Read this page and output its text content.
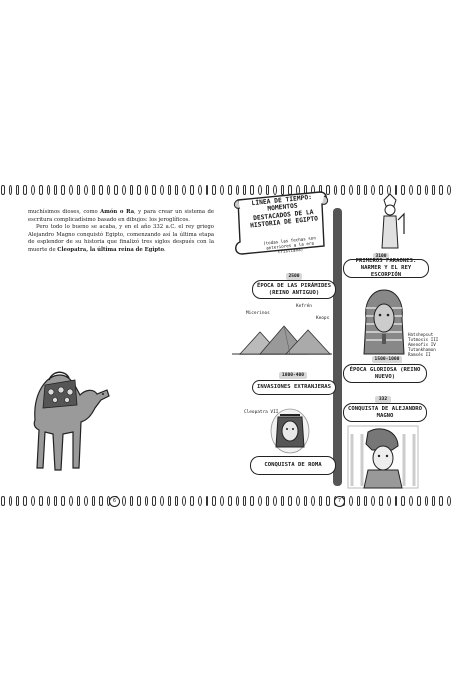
muchísimos dioses, como Amón o Ra, y para crear un sistema de escritura complicadísimo basado en dibujos: los jeroglíficos.

Pero todo lo bueno se acaba, y en el año 332 a.C. el rey griego Alejandro Magno conquistó Egipto, comenzando así la última etapa de esplendor de su historia que finalizó tres siglos después con la muerte de Cleopatra, la última reina de Egipto.

6
LÍNEA DE TIEMPO: MOMENTOS DESTACADOS DE LA HISTORIA DE EGIPTO
(todas las fechas son anteriores a la era cristiana)
3100
PRIMEROS FARAONES: NARMER Y EL REY ESCORPIÓN
2500
ÉPOCA DE LAS PIRÁMIDES (REINO ANTIGUO)
Micerinos
Kefrén
Keops
Hatshepsut
Tutmosis III
Amenofis IV
Tutankhamon
Ramsés II
1800-400
INVASIONES EXTRANJERAS
1500-1000
ÉPOCA GLORIOSA (REINO NUEVO)
332
CONQUISTA DE ALEJANDRO MAGNO
Cleopatra VII
CONQUISTA DE ROMA
7
